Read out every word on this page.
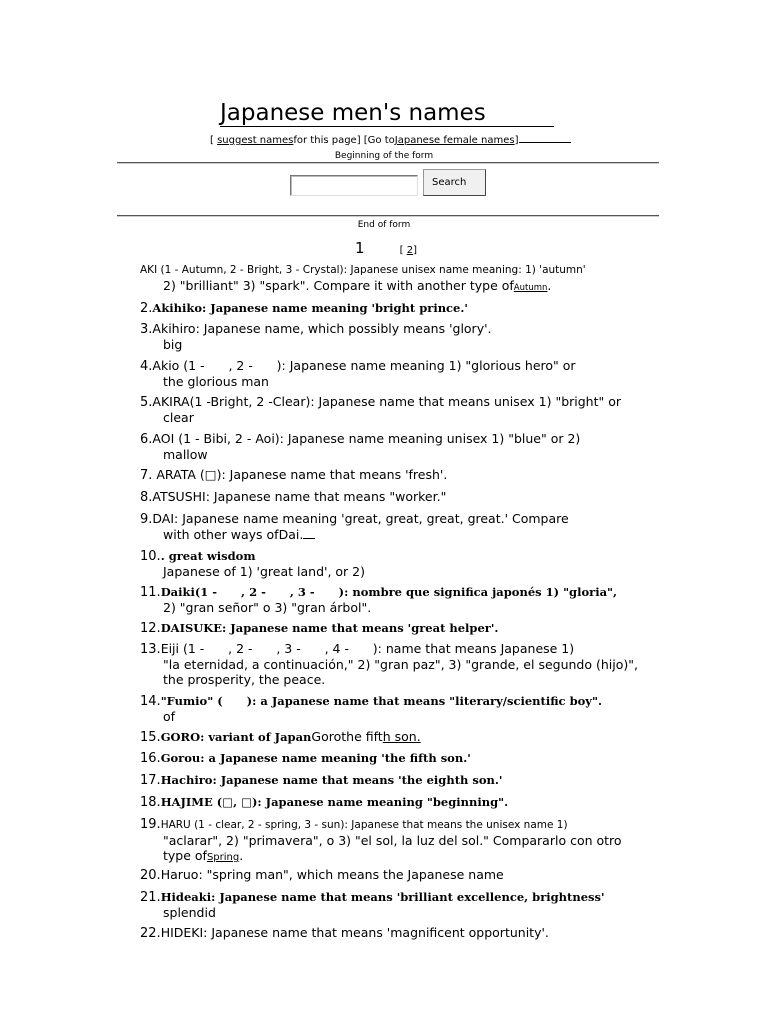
Japanese men's names
[ suggest namesfor this page] [Go toJapanese female names]
Beginning of the form
Search
End of form
1	[ 2]
AKI (1 - Autumn, 2 - Bright, 3 - Crystal): Japanese unisex name meaning: 1) 'autumn'
2) "brilliant" 3) "spark". Compare it with another type ofAutumn.
2.Akihiko: Japanese name meaning 'bright prince.'
3.Akihiro: Japanese name, which possibly means 'glory'.
big
4.Akio (1 -      , 2 -      ): Japanese name meaning 1) "glorious hero" or
the glorious man
5.AKIRA(1 -Bright, 2 -Clear): Japanese name that means unisex 1) "bright" or
clear
6.AOI (1 - Bibi, 2 - Aoi): Japanese name meaning unisex 1) "blue" or 2)
mallow
7. ARATA (□): Japanese name that means 'fresh'.
8.ATSUSHI: Japanese name that means "worker."
9.DAI: Japanese name meaning 'great, great, great, great.' Compare
with other ways ofDai.
10.. great wisdom
Japanese of 1) 'great land', or 2)
11.Daiki(1 -      , 2 -      , 3 -      ): nombre que significa japonés 1) "gloria",
2) "gran señor" o 3) "gran árbol".
12.DAISUKE: Japanese name that means 'great helper'.
13.Eiji (1 -      , 2 -      , 3 -      , 4 -      ): name that means Japanese 1)
"la eternidad, a continuación," 2) "gran paz", 3) "grande, el segundo (hijo)",
the prosperity, the peace.
14."Fumio" (      ): a Japanese name that means "literary/scientific boy".
of
15.GORO: variant of JapanGorothe fifth son.
16.Gorou: a Japanese name meaning 'the fifth son.'
17.Hachiro: Japanese name that means 'the eighth son.'
18.HAJIME (□, □): Japanese name meaning "beginning".
19.HARU (1 - clear, 2 - spring, 3 - sun): Japanese that means the unisex name 1)
"aclarar", 2) "primavera", o 3) "el sol, la luz del sol." Compararlo con otro
type ofSpring.
20.Haruo: "spring man", which means the Japanese name
21.Hideaki: Japanese name that means 'brilliant excellence, brightness'
splendid
22.HIDEKI: Japanese name that means 'magnificent opportunity'.
